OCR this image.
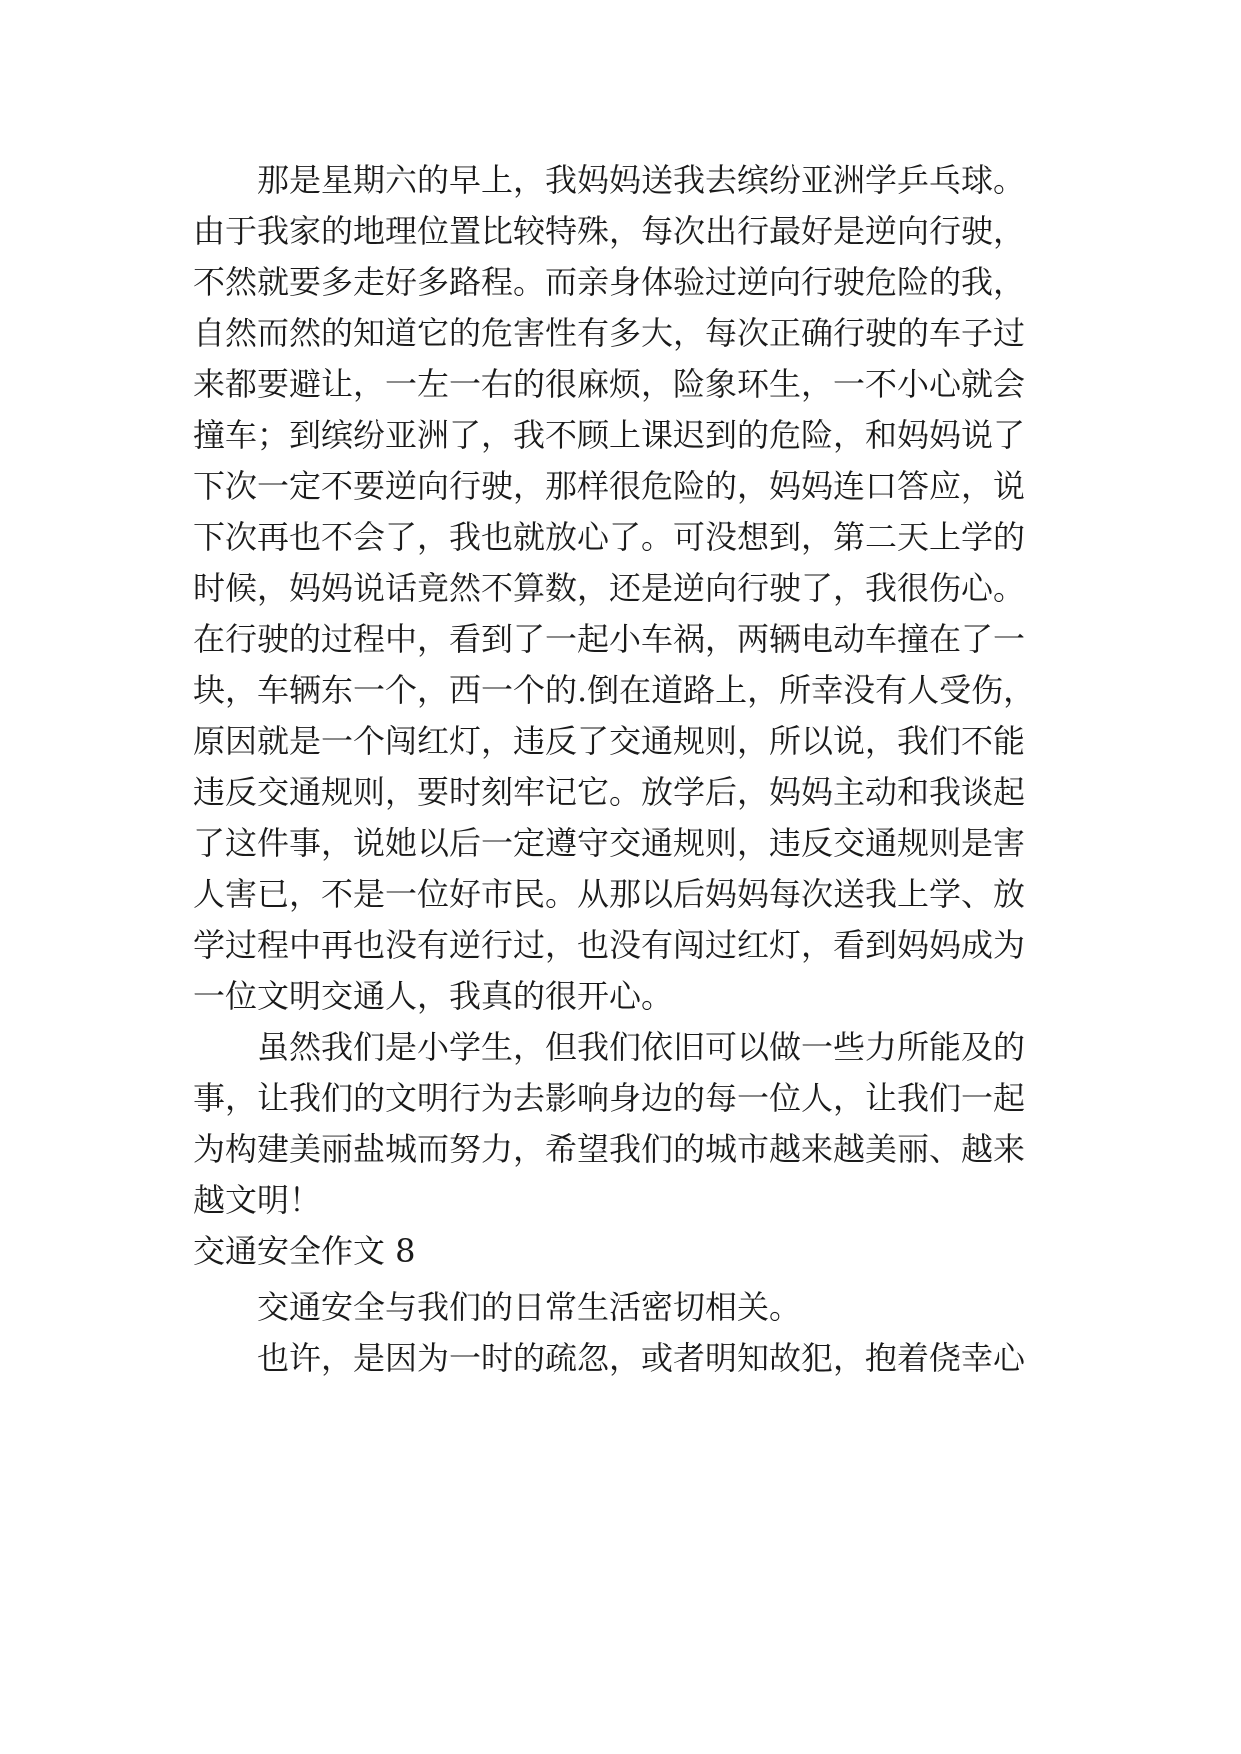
那是星期六的早上，我妈妈送我去缤纷亚洲学乒乓球。
由于我家的地理位置比较特殊，每次出行最好是逆向行驶，
不然就要多走好多路程。而亲身体验过逆向行驶危险的我，
自然而然的知道它的危害性有多大，每次正确行驶的车子过
来都要避让，一左一右的很麻烦，险象环生，一不小心就会
撞车；到缤纷亚洲了，我不顾上课迟到的危险，和妈妈说了
下次一定不要逆向行驶，那样很危险的，妈妈连口答应，说
下次再也不会了，我也就放心了。可没想到，第二天上学的
时候，妈妈说话竟然不算数，还是逆向行驶了，我很伤心。
在行驶的过程中，看到了一起小车祸，两辆电动车撞在了一
块，车辆东一个，西一个的.倒在道路上，所幸没有人受伤，
原因就是一个闯红灯，违反了交通规则，所以说，我们不能
违反交通规则，要时刻牢记它。放学后，妈妈主动和我谈起
了这件事，说她以后一定遵守交通规则，违反交通规则是害
人害已，不是一位好市民。从那以后妈妈每次送我上学、放
学过程中再也没有逆行过，也没有闯过红灯，看到妈妈成为
一位文明交通人，我真的很开心。
虽然我们是小学生，但我们依旧可以做一些力所能及的
事，让我们的文明行为去影响身边的每一位人，让我们一起
为构建美丽盐城而努力，希望我们的城市越来越美丽、越来
越文明！
交通安全作文 8
交通安全与我们的日常生活密切相关。
也许，是因为一时的疏忽，或者明知故犯，抱着侥幸心
